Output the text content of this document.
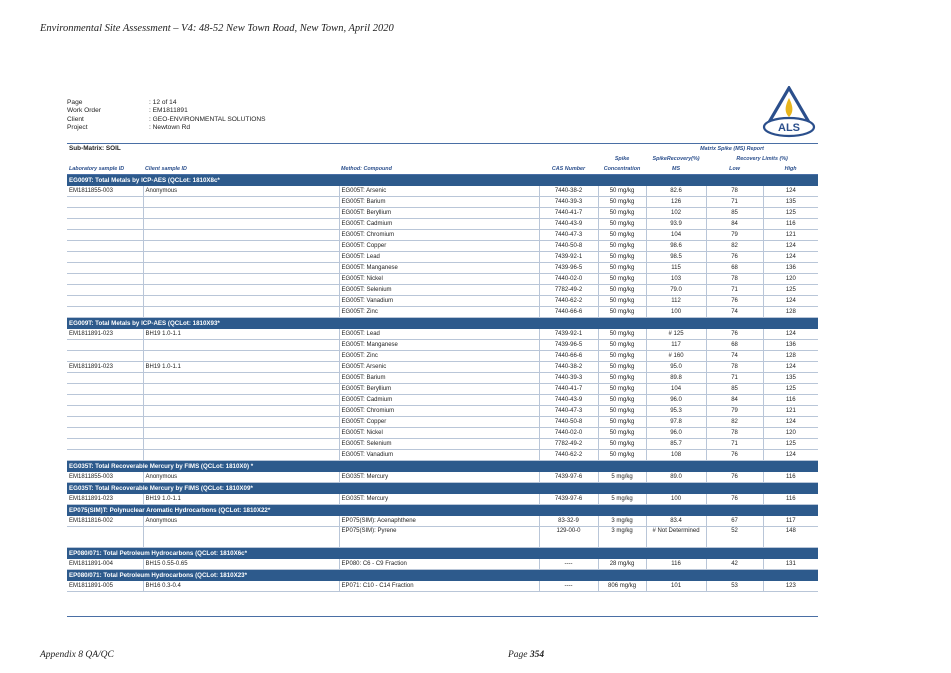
Environmental Site Assessment – V4: 48-52 New Town Road, New Town, April 2020
Page	: 12 of 14
Work Order	: EM1811891
Client	: GEO-ENVIRONMENTAL SOLUTIONS
Project	: Newtown Rd	ALS
Sub-Matrix: SOIL					Matrix Spike (MS) Report		
				Spike	SpikeRecovery(%)	Recovery Limits (%)	
Laboratory sample ID	Client sample ID	Method: Compound	CAS Number	Concentration	MS	Low	High
EG009T: Total Metals by ICP-AES (QCLot: 1810X8c*							
EM1811855-003	Anonymous	EG005T: Arsenic	7440-38-2	50 mg/kg	82.6	78	124
		EG005T: Barium	7440-39-3	50 mg/kg	126	71	135
		EG005T: Beryllium	7440-41-7	50 mg/kg	102	85	125
		EG005T: Cadmium	7440-43-9	50 mg/kg	93.9	84	116
		EG005T: Chromium	7440-47-3	50 mg/kg	104	79	121
		EG005T: Copper	7440-50-8	50 mg/kg	98.6	82	124
		EG005T: Lead	7439-92-1	50 mg/kg	98.5	76	124
		EG005T: Manganese	7439-96-5	50 mg/kg	115	68	136
		EG005T: Nickel	7440-02-0	50 mg/kg	103	78	120
		EG005T: Selenium	7782-49-2	50 mg/kg	79.0	71	125
		EG005T: Vanadium	7440-62-2	50 mg/kg	112	76	124
		EG005T: Zinc	7440-66-6	50 mg/kg	100	74	128
EG009T: Total Metals by ICP-AES (QCLot: 1810X93*							
EM1811891-023	BH19 1.0-1.1	EG005T: Lead	7439-92-1	50 mg/kg	# 125	76	124
		EG005T: Manganese	7439-96-5	50 mg/kg	117	68	136
		EG005T: Zinc	7440-66-6	50 mg/kg	# 160	74	128
EM1811891-023	BH19 1.0-1.1	EG005T: Arsenic	7440-38-2	50 mg/kg	95.0	78	124
		EG005T: Barium	7440-39-3	50 mg/kg	89.8	71	135
		EG005T: Beryllium	7440-41-7	50 mg/kg	104	85	125
		EG005T: Cadmium	7440-43-9	50 mg/kg	96.0	84	116
		EG005T: Chromium	7440-47-3	50 mg/kg	95.3	79	121
		EG005T: Copper	7440-50-8	50 mg/kg	97.8	82	124
		EG005T: Nickel	7440-02-0	50 mg/kg	96.0	78	120
		EG005T: Selenium	7782-49-2	50 mg/kg	85.7	71	125
		EG005T: Vanadium	7440-62-2	50 mg/kg	108	76	124
EG035T: Total Recoverable Mercury by FIMS (QCLot: 1810X0) *							
EM1811855-003	Anonymous	EG035T: Mercury	7439-97-6	5 mg/kg	89.0	76	116
EG035T: Total Recoverable Mercury by FIMS (QCLot: 1810X09*							
EM1811891-023	BH19 1.0-1.1	EG035T: Mercury	7439-97-6	5 mg/kg	100	76	116
EP075(SIM)T: Polynuclear Aromatic Hydrocarbons (QCLot: 1810X22*							
EM1811816-002	Anonymous	EP075(SIM): Acenaphthene	83-32-9	3 mg/kg	83.4	67	117
		EP075(SIM): Pyrene	129-00-0	3 mg/kg	# Not Determined	52	148
EP080/071: Total Petroleum Hydrocarbons (QCLot: 1810X6c*							
EM1811891-004	BH15 0.55-0.65	EP080: C6 - C9 Fraction	----	28 mg/kg	116	42	131
EP080/071: Total Petroleum Hydrocarbons (QCLot: 1810X23*							
EM1811891-005	BH16 0.3-0.4	EP071: C10 - C14 Fraction	----	806 mg/kg	101	53	123
Appendix 8 QA/QC	Page 354
